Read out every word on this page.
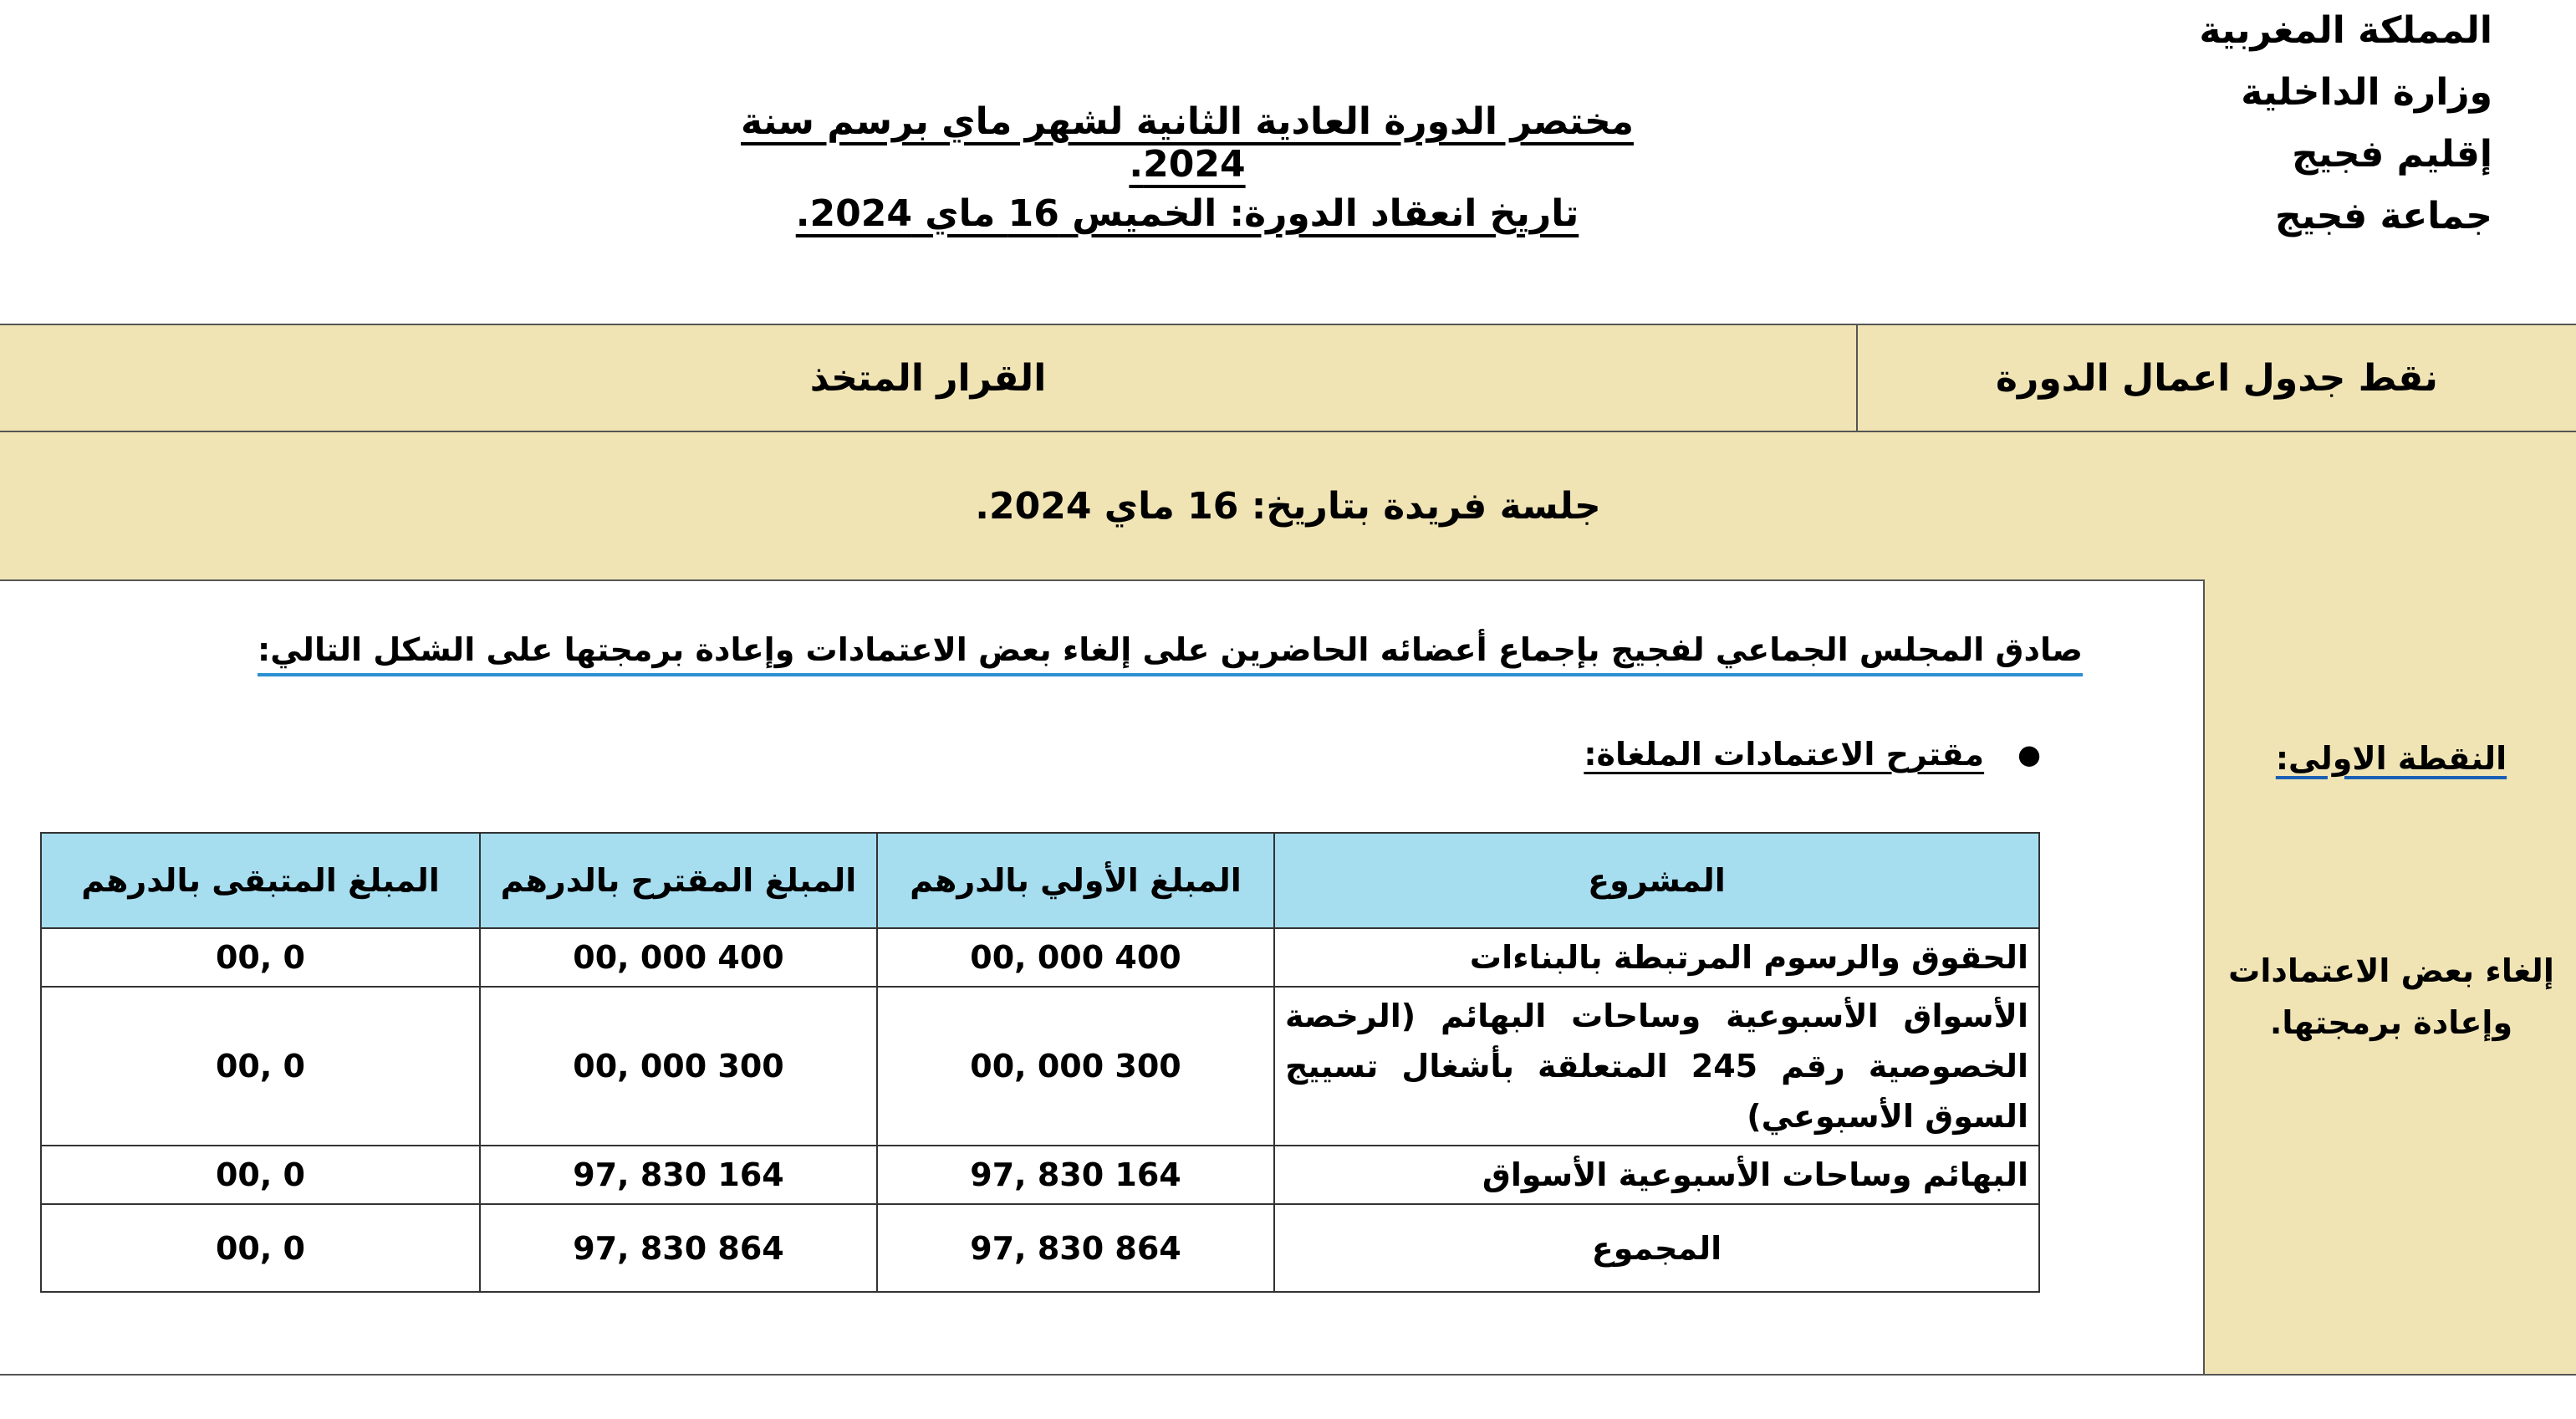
المملكة المغربية
وزارة الداخلية
إقليم فجيج
جماعة فجيج
مختصر الدورة العادية الثانية لشهر ماي برسم سنة 2024.
تاريخ انعقاد الدورة: الخميس 16 ماي 2024.
نقط جدول اعمال الدورة
القرار المتخذ
جلسة فريدة بتاريخ: 16 ماي 2024.
النقطة الاولى:
إلغاء بعض الاعتمادات وإعادة برمجتها.
صادق المجلس الجماعي لفجيج بإجماع أعضائه الحاضرين على إلغاء بعض الاعتمادات وإعادة برمجتها على الشكل التالي:
●
مقترح الاعتمادات الملغاة:
المشروع	المبلغ الأولي بالدرهم	المبلغ المقترح بالدرهم	المبلغ المتبقى بالدرهم
الحقوق والرسوم المرتبطة بالبناءات	400 000 ,00	400 000 ,00	0 ,00
الأسواق الأسبوعية وساحات البهائم (الرخصة الخصوصية رقم 245 المتعلقة بأشغال تسييج السوق الأسبوعي)	300 000 ,00	300 000 ,00	0 ,00
البهائم وساحات الأسبوعية الأسواق	164 830 ,97	164 830 ,97	0 ,00
المجموع	864 830 ,97	864 830 ,97	0 ,00
